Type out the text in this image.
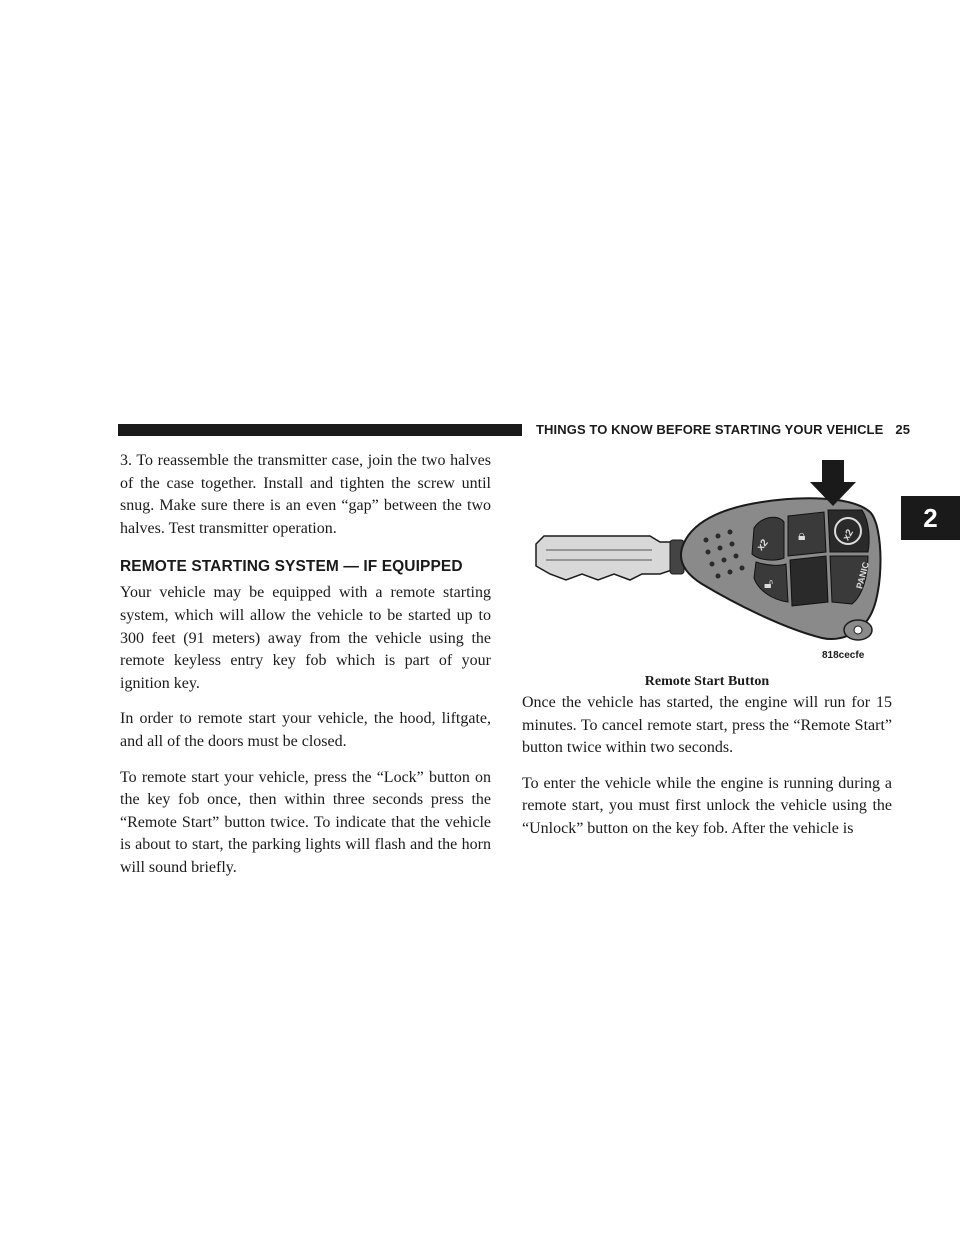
THINGS TO KNOW BEFORE STARTING YOUR VEHICLE 25
2

3. To reassemble the transmitter case, join the two halves of the case together. Install and tighten the screw until snug. Make sure there is an even “gap” between the two halves. Test transmitter operation.

REMOTE STARTING SYSTEM — IF EQUIPPED

Your vehicle may be equipped with a remote starting system, which will allow the vehicle to be started up to 300 feet (91 meters) away from the vehicle using the remote keyless entry key fob which is part of your ignition key.

In order to remote start your vehicle, the hood, liftgate, and all of the doors must be closed.

To remote start your vehicle, press the “Lock” button on the key fob once, then within three seconds press the “Remote Start” button twice. To indicate that the vehicle is about to start, the parking lights will flash and the horn will sound briefly.

x2
🔒︎	x2
🔓︎	PANIC
818cecfe
Remote Start Button

Once the vehicle has started, the engine will run for 15 minutes. To cancel remote start, press the “Remote Start” button twice within two seconds.

To enter the vehicle while the engine is running during a remote start, you must first unlock the vehicle using the “Unlock” button on the key fob. After the vehicle is
